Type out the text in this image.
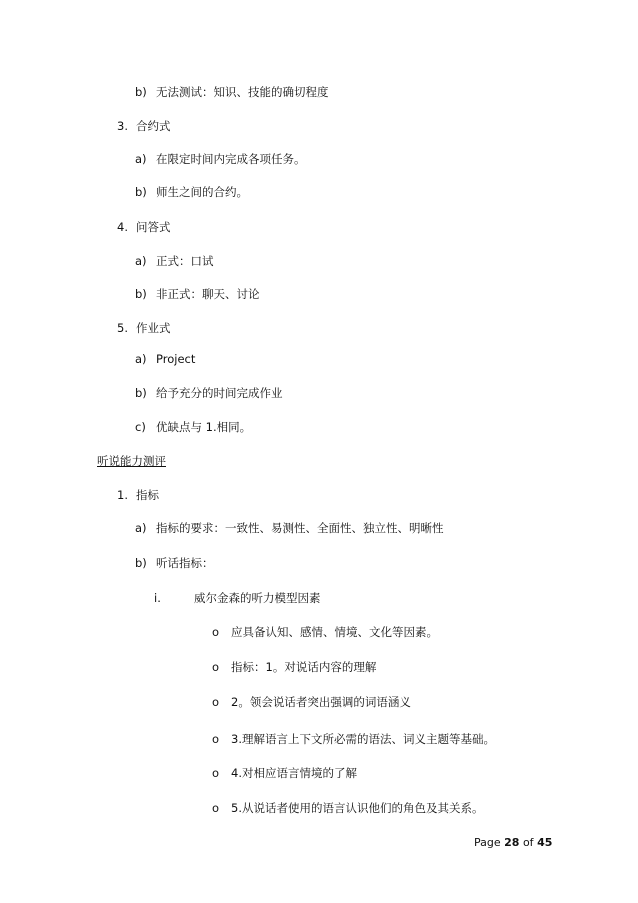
b) 无法测试：知识、技能的确切程度
3. 合约式
a) 在限定时间内完成各项任务。
b) 师生之间的合约。
4. 问答式
a) 正式：口试
b) 非正式：聊天、讨论
5. 作业式
a) Project
b) 给予充分的时间完成作业
c) 优缺点与 1.相同。
听说能力测评
1. 指标
a) 指标的要求：一致性、易测性、全面性、独立性、明晰性
b) 听话指标：
i.	威尔金森的听力模型因素
o 应具备认知、感情、情境、文化等因素。
o 指标：1。对说话内容的理解
o 2。领会说话者突出强调的词语涵义
o 3.理解语言上下文所必需的语法、词义主题等基础。
o 4.对相应语言情境的了解
o 5.从说话者使用的语言认识他们的角色及其关系。
Page 28 of 45
